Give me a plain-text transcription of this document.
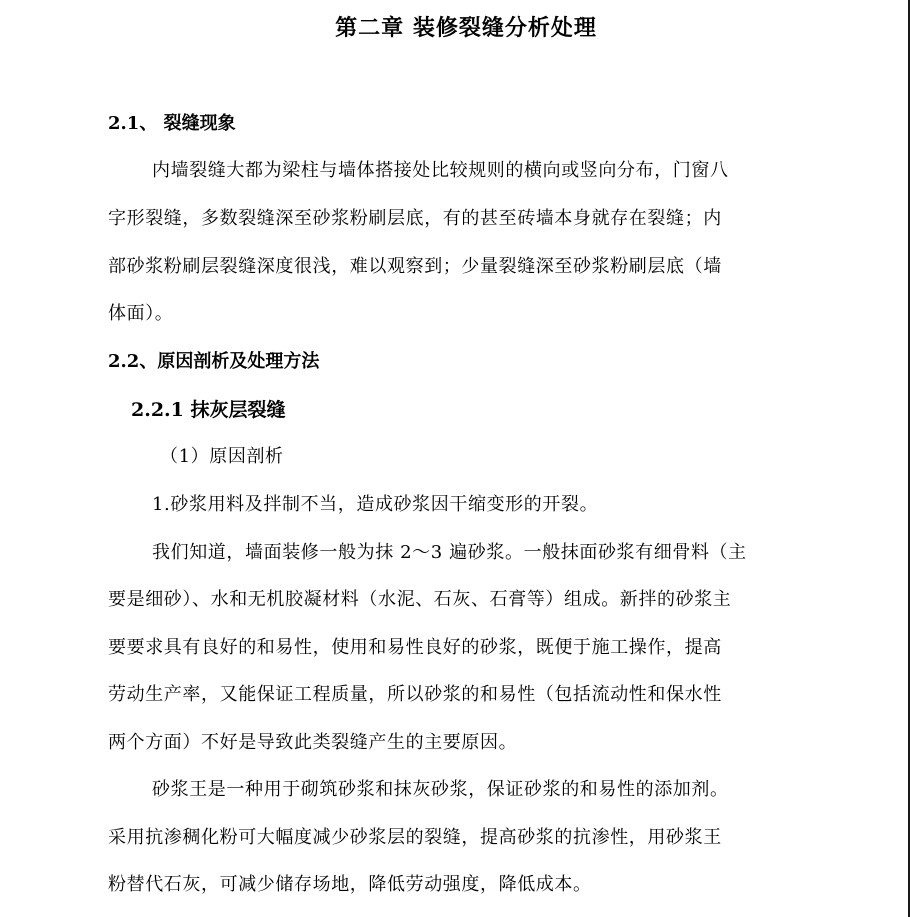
第二章 装修裂缝分析处理
2.1、 裂缝现象
内墙裂缝大都为梁柱与墙体搭接处比较规则的横向或竖向分布，门窗八
字形裂缝，多数裂缝深至砂浆粉刷层底，有的甚至砖墙本身就存在裂缝；内
部砂浆粉刷层裂缝深度很浅，难以观察到；少量裂缝深至砂浆粉刷层底（墙
体面）。
2.2、原因剖析及处理方法
2.2.1 抹灰层裂缝
（1）原因剖析
1.砂浆用料及拌制不当，造成砂浆因干缩变形的开裂。
我们知道，墙面装修一般为抹 2～3 遍砂浆。一般抹面砂浆有细骨料（主
要是细砂）、水和无机胶凝材料（水泥、石灰、石膏等）组成。新拌的砂浆主
要要求具有良好的和易性，使用和易性良好的砂浆，既便于施工操作，提高
劳动生产率，又能保证工程质量，所以砂浆的和易性（包括流动性和保水性
两个方面）不好是导致此类裂缝产生的主要原因。
砂浆王是一种用于砌筑砂浆和抹灰砂浆，保证砂浆的和易性的添加剂。
采用抗渗稠化粉可大幅度减少砂浆层的裂缝，提高砂浆的抗渗性，用砂浆王
粉替代石灰，可减少储存场地，降低劳动强度，降低成本。
